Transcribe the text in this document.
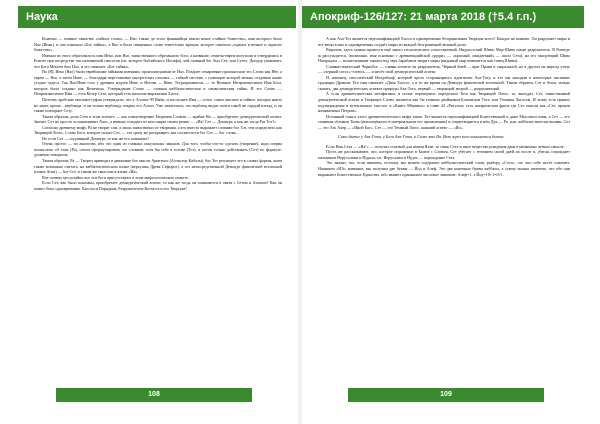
Наука	Апокриф-126/127: 21 марта 2018 (†5.4 г.п.)

Конечно — главное таинство «тайное слово» — Иао, также до этого финикийцы имели некое «тайное божество», имя которого было Иао (Ииак), и оно означало «Бог тайны», а Иао и было священное слово египетских жрецов, которое означало «единое и вечное и скрытое божество».

Именно из этого образовалось имя Иеко, или Яхо, таинственного обрезанного бога, а название, семиты-евреи получили и утвердились в Египте при посредстве так называемой гиксосов (ок. которое библейского Иосифа), чей главный бог был Сет, или Сутех. Диодор указывает, что Бога Моисея был Иао, и это означает «Бог тайны».

Иа (Я), Иеко (Яхо) были еврейскими тайными именами, произошедшими от Иао. Позднее семаритяне произносили это Слово как Ябе, а евреи — Яхо, а затем Иаве, — благодаря перестановке масоретских гласных — гибкой системе, с помощью которой можно создавать какие угодно чудеса. Так Яхо/Иеве стал у древних иудеев Иеве, и Иегова — Иеве, Тетраграмматон, — то Великое Непроизносимое Имя Бога, которое было создано как Величина. Утверждение Слово — главная каббалистическая и символическая тайна. И это Слово — Непроизносимое Имя — есть Кетер Сета, который есть началом выражения Хаоса.

Поэтому арабские мистики-суфии утверждали, что у Аллаха 99 Имён, и последнее Имя — сотое, самое высшее и тайное, которое никто не знает, кроме... верблюда, и он только верблюду открыл его Аллах. Уже зачитались, что верблюд видит почти такой же гордый взгляд, и он также повторяет Сету.

Таким образом, роль Сета в этом аспекте — как олицетворение Творения Словом — крайне Иа — приобретает демиургический аспект. Значит, Сет не просто останавливает Хаос, а именно созидает из него миры своим речью — «Иа! Сет — Демиург, а как же тогда Раз Тот?»

Согласно древнему мифу, Ра не творит сам, а лишь заимствовал от творения, а его вместо выражает словами бог Тот, тем определить как Творящий Логос, Слово Бога, которое сказал Сет, — это сразу же раскрывает, как соотносятся бог Сет — бог слова...

Но если Сет — подлинный Демиург, то как же его понимать?

Очень просто — по аналогии, ибо это один из главных оккультных законов. Для того, чтобы что-то сделать (творение), надо сперва помыслить об этом (Ра), потом сформулировать это словами, хотя бы себе в голове (Тот), и потом только действовать (Сет) по формуле: думаешь-говоришь.

Таким образом, Ра — Творец приводит в движение бог мысли Ариезмос (Аэлистор Кабалы), бог Тот реализует это в словах формы, коим также возможно считать, на каббалистическом плане (верхушка Древа Сефирот), а сот непосредственной Демиург физической вселенной (плана Асия) — бог Сет, и таким же смыслом в языке «Иа».

Вот почему неслучайно все эти боги присутствуют в этом мифологическом сюжете.

Если Сет, как было показано, приобретает демиургический аспект, то как же тогда он понимается в связи с Сетом и Апопом? Как он может быть одновременно Хаосом и Порядком, Разрушителем Космоса и его Творцом?

А как Аха-Тот является персонификацией Хаоса и одновременно безграничным Творцом всего? Каждое не нижнее. Он разрушает миры и все вещи в них и одновременно создаёт миры из каждой безграничной великой роли.

Впрочем, здесь можно провести ещё много теологических сопоставлений. Индуистский Шива: Мар-Шива также разрушитель. В Ригведе ж рассуждается, (возможно, имя основано с древнеиндийской «рудра» — «красный, ожидаемый» — шалл Сета), на его танцующий Шива Натараджа — вознесенными танцем под звук барабанов творит миры (видимый мир появляется как танец Шивы).

Славяно-языческий Чернобог — славян аспекте он разрушитель, Чёрный Змей — враг Прави и сакральной, но в другом он мирозд уточь — «черный сотос»-тлеюсь, — и несёт свой демиургический аспект.

И, наконец, гностический Иалдабаоф, который прото стороннерного идентичен Аха-Тоту, и это мы находим в некоторых писаниях традиции Драконе. Его имя означает «Дитя Хаоса», а в то же время он Демиург физической вселенной. Таким образом, Сет и Апоп, можно сказать, два демиургических аспекта природы Аха-Тота, первый — творящий, второй — разрушающий.

А если древнеегипетская метафизика, в полне переиграем, определяла Тота как Творящий Логос, то, выходит, Сет, таинственный демиургический аспект и Творящее Слово, является как бы темным двойником-Близнецом Тота, или Тёмным Логосом. И этому есть прямое подтверждение в аутентичных текстах: в «Книге Мёртвых» в главе 42 «Ритуала» есть катарическая фраза где Сет описан как «Сет, пронзи называемым Петром».

Истинный смысл этого древнеегипетского мифа таков: Тот является персонификацией Божественной и даже Мысленословы, а Сет — его тенивым обликом Тьмы (воплощённого в материальном его проявлениях) и олицетворяется в нём Дуа — Ра, или, каббалистически вызван, Сет — это Эль Ахер — «Иной Бог». Сет — это Тёмный Логос, нижний аспект — «Ис».

Само бытие у Аха-Тота, у Бога Аха-Тота, и Слово это Иа. Вот через него начинается бытие.

Если Имя Сета — «Иа!» — получил основой для имени Яхве, то связь Сета и иное вещество рождения дана в немножко четком смысле.

Пусть же рассказывают, что, которое порожение в Бытие с Словом, Сет убегает с течением своей дней их после в, убегая, порождает мальчиков Иерусалима и Иудаха, т.к. Иерусалим и Иудах — порождение Сета.

Это значит, что, если внимать, поэтому мы можем содержать каббалистический слову разбору «Сета», что оно себе несёт означает. Напишем «ИА» название, мы получим две буквы — Йод и Алеф. Это две конечные буквы каббалы, а сумму можно заметить, что обе они выражают Божественное Единство, ибо являют одинаковое числовое значение: Алеф=1, а Йод=10+1=0+1.

108	109
